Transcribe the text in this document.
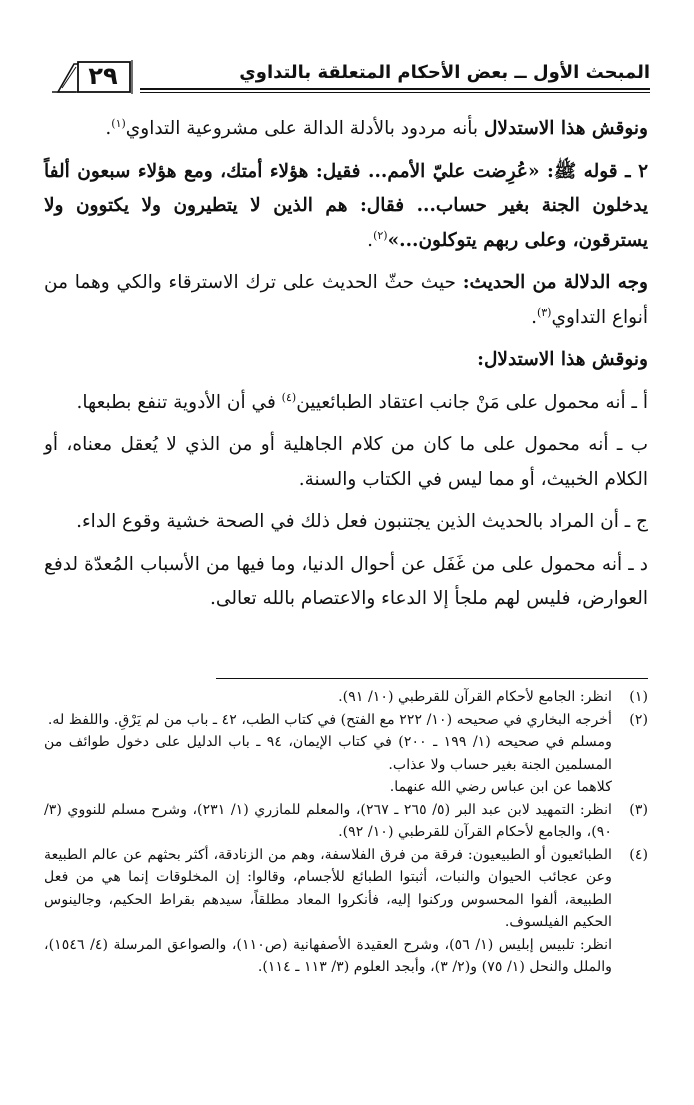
المبحث الأول ــ بعض الأحكام المتعلقة بالتداوي
٢٩

ونوقش هذا الاستدلال بأنه مردود بالأدلة الدالة على مشروعية التداوي$^{(١)}$.

٢ ـ قوله ﷺ: «عُرِضت عليّ الأمم... فقيل: هؤلاء أمتك، ومع هؤلاء سبعون ألفاً يدخلون الجنة بغير حساب... فقال: هم الذين لا يتطيرون ولا يكتوون ولا يسترقون، وعلى ربهم يتوكلون...»$^{(٢)}$.

وجه الدلالة من الحديث: حيث حثّ الحديث على ترك الاسترقاء والكي وهما من أنواع التداوي$^{(٣)}$.

ونوقش هذا الاستدلال:

أ ـ أنه محمول على مَنْ جانب اعتقاد الطبائعيين$^{(٤)}$ في أن الأدوية تنفع بطبعها.

ب ـ أنه محمول على ما كان من كلام الجاهلية أو من الذي لا يُعقل معناه، أو الكلام الخبيث، أو مما ليس في الكتاب والسنة.

ج ـ أن المراد بالحديث الذين يجتنبون فعل ذلك في الصحة خشية وقوع الداء.

د ـ أنه محمول على من غَفَل عن أحوال الدنيا، وما فيها من الأسباب المُعدّة لدفع العوارض، فليس لهم ملجأ إلا الدعاء والاعتصام بالله تعالى.

(١)
انظر: الجامع لأحكام القرآن للقرطبي (١٠/ ٩١).
(٢)
أخرجه البخاري في صحيحه (١٠/ ٢٢٢ مع الفتح) في كتاب الطب، ٤٢ ـ باب من لم يَرْقِ. واللفظ له.
ومسلم في صحيحه (١/ ١٩٩ ـ ٢٠٠) في كتاب الإيمان، ٩٤ ـ باب الدليل على دخول طوائف من المسلمين الجنة بغير حساب ولا عذاب.
كلاهما عن ابن عباس رضي الله عنهما.
(٣)
انظر: التمهيد لابن عبد البر (٥/ ٢٦٥ ـ ٢٦٧)، والمعلم للمازري (١/ ٢٣١)، وشرح مسلم للنووي (٣/ ٩٠)، والجامع لأحكام القرآن للقرطبي (١٠/ ٩٢).
(٤)
الطبائعيون أو الطبيعيون: فرقة من فرق الفلاسفة، وهم من الزنادقة، أكثر بحثهم عن عالم الطبيعة وعن عجائب الحيوان والنبات، أثبتوا الطبائع للأجسام، وقالوا: إن المخلوقات إنما هي من فعل الطبيعة، ألفوا المحسوس وركنوا إليه، فأنكروا المعاد مطلقاً، سيدهم بقراط الحكيم، وجالينوس الحكيم الفيلسوف.
انظر: تلبيس إبليس (١/ ٥٦)، وشرح العقيدة الأصفهانية (ص١١٠)، والصواعق المرسلة (٤/ ١٥٤٦)، والملل والنحل (١/ ٧٥) و(٢/ ٣)، وأبجد العلوم (٣/ ١١٣ ـ ١١٤).
